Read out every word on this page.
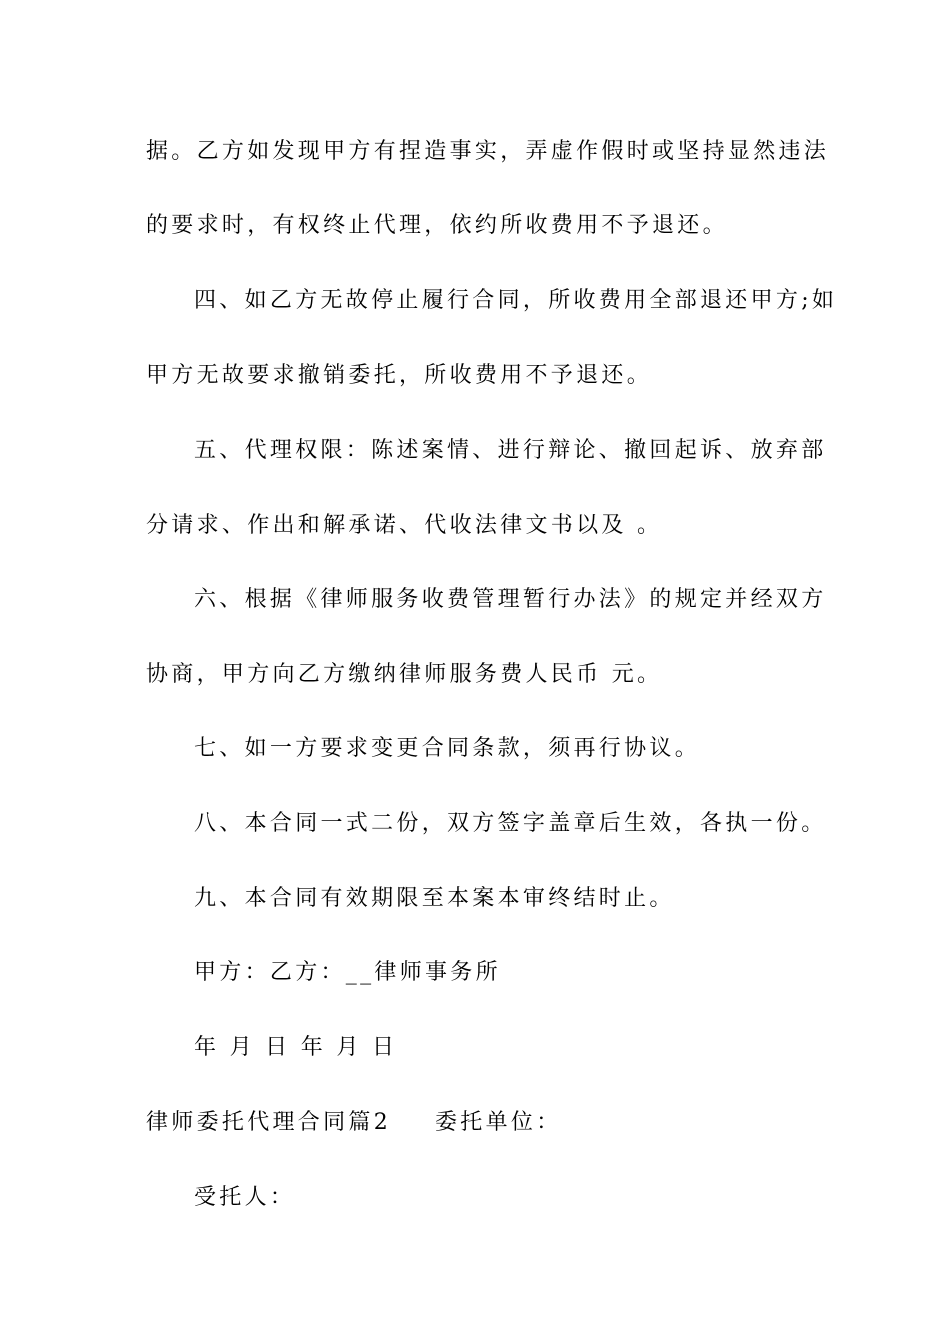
据。乙方如发现甲方有捏造事实，弄虚作假时或坚持显然违法
的要求时，有权终止代理，依约所收费用不予退还。
四、如乙方无故停止履行合同，所收费用全部退还甲方;如
甲方无故要求撤销委托，所收费用不予退还。
五、代理权限：陈述案情、进行辩论、撤回起诉、放弃部
分请求、作出和解承诺、代收法律文书以及 。
六、根据《律师服务收费管理暂行办法》的规定并经双方
协商，甲方向乙方缴纳律师服务费人民币 元。
七、如一方要求变更合同条款，须再行协议。
八、本合同一式二份，双方签字盖章后生效，各执一份。
九、本合同有效期限至本案本审终结时止。
甲方：乙方：__律师事务所
年 月 日 年 月 日
律师委托代理合同篇2 委托单位：
受托人：
